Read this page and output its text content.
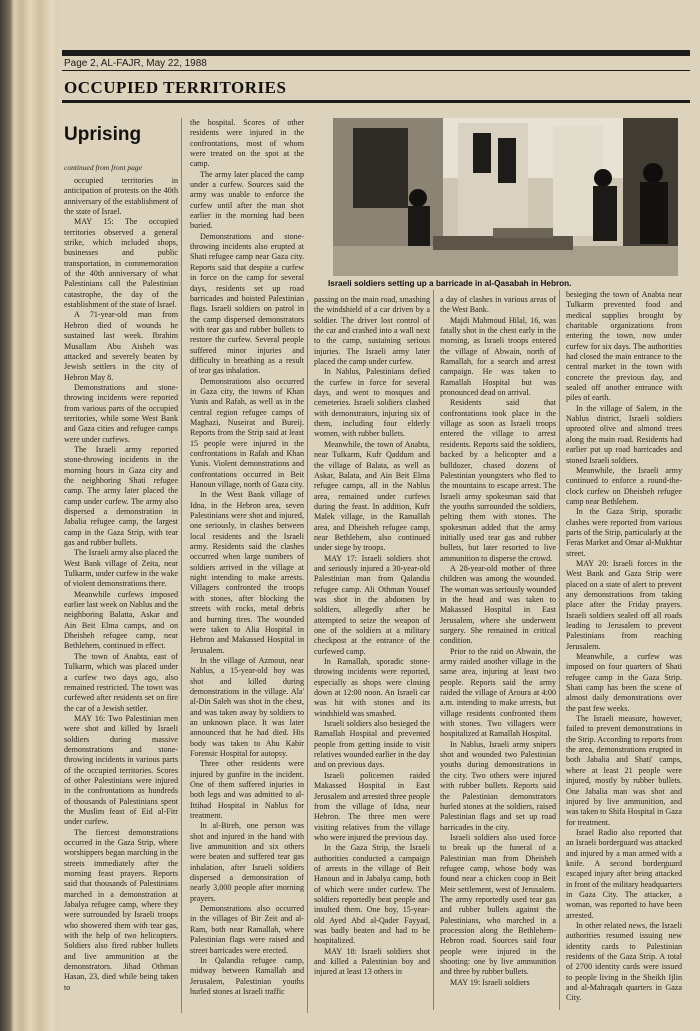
Page 2, AL-FAJR, May 22, 1988
OCCUPIED TERRITORIES
Uprising
continued from front page
Israeli soldiers setting up a barricade in al-Qasabah in Hebron.

occupied territories in anticipation of protests on the 40th anniversary of the establishment of the state of Israel.

MAY 15: The occupied territories observed a general strike, which included shops, businesses and public transportation, in commemoration of the 40th anniversary of what Palestinians call the Palestinian catastrophe, the day of the establishment of the state of Israel.

A 71-year-old man from Hebron died of wounds he sustained last week. Ibrahim Musallam Abu Aisheh was attacked and severely beaten by Jewish settlers in the city of Hebron May 8.

Demonstrations and stone-throwing incidents were reported from various parts of the occupied territories, while some West Bank and Gaza cities and refugee camps were under curfews.

The Israeli army reported stone-throwing incidents in the morning hours in Gaza city and the neighboring Shati refugee camp. The army later placed the camp under curfew. The army also dispersed a demonstration in Jabalia refugee camp, the largest camp in the Gaza Strip, with tear gas and rubber bullets.

The Israeli army also placed the West Bank village of Zeita, near Tulkarm, under curfew in the wake of violent demonstrations there.

Meanwhile curfews imposed earlier last week on Nablus and the neighboring Balatta, Askar and Ain Beit Elma camps, and on Dheisheh refugee camp, near Bethlehem, continued in effect.

The town of Anabta, east of Tulkarm, which was placed under a curfew two days ago, also remained restricted. The town was curfewed after residents set on fire the car of a Jewish settler.

MAY 16: Two Palestinian men were shot and killed by Israeli soldiers during massive demonstrations and stone-throwing incidents in various parts of the occupied territories. Scores of other Palestinians were injured in the confrontations as hundreds of thousands of Palestinians spent the Muslim feast of Eid al-Fitr under curfew.

The fiercest demonstrations occurred in the Gaza Strip, where worshippers began marching in the streets immediately after the morning feast prayers. Reports said that thousands of Palestinians marched in a demonstration at Jabalya refugee camp, where they were surrounded by Israeli troops who showered them with tear gas, with the help of two helicopters. Soldiers also fired rubber bullets and live ammunition at the demonstrators. Jihad Othman Hasan, 23, died while being taken to

the hospital. Scores of other residents were injured in the confrontations, most of whom were treated on the spot at the camp.

The army later placed the camp under a curfew. Sources said the army was unable to enforce the curfew until after the man shot earlier in the morning had been buried.

Demonstrations and stone-throwing incidents also erupted at Shati refugee camp near Gaza city. Reports said that despite a curfew in force on the camp for several days, residents set up road barricades and hoisted Palestinian flags. Israeli soldiers on patrol in the camp dispersed demonstrators with tear gas and rubber bullets to restore the curfew. Several people suffered minor injuries and difficulty in breathing as a result of tear gas inhalation.

Demonstrations also occurred in Gaza city, the towns of Khan Yunis and Rafah, as well as in the central region refugee camps of Maghazi, Nuseirat and Bureij. Reports from the Strip said at least 15 people were injured in the confrontations in Rafah and Khan Yunis. Violent demonstrations and confrontations occurred in Beit Hanoun village, north of Gaza city.

In the West Bank village of Idna, in the Hebron area, seven Palestinians were shot and injured, one seriously, in clashes between local residents and the Israeli army. Residents said the clashes occurred when large numbers of soldiers arrived in the village at night intending to make arrests. Villagers confronted the troops with stones, after blocking the streets with rocks, metal debris and burning tires. The wounded were taken to Alia Hospital in Hebron and Makassed Hospital in Jerusalem.

In the village of Azmout, near Nablus, a 15-year-old boy was shot and killed during demonstrations in the village. Ala' al-Din Saleh was shot in the chest, and was taken away by soldiers to an unknown place. It was later announced that he had died. His body was taken to Abu Kabir Forensic Hospital for autopsy.

Three other residents were injured by gunfire in the incident. One of them suffered injuries in both legs and was admitted to al-Ittihad Hospital in Nablus for treatment.

In al-Bireh, one person was shot and injured in the hand with live ammunition and six others were beaten and suffered tear gas inhalation, after Israeli soldiers dispersed a demonstration of nearly 3,000 people after morning prayers.

Demonstrations also occurred in the villages of Bir Zeit and al-Ram, both near Ramallah, where Palestinian flags were raised and street barricades were erected.

In Qalandia refugee camp, midway between Ramallah and Jerusalem, Palestinian youths hurled stones at Israeli traffic

passing on the main road, smashing the windshield of a car driven by a soldier. The driver lost control of the car and crashed into a wall next to the camp, sustaining serious injuries. The Israeli army later placed the camp under curfew.

In Nablus, Palestinians defied the curfew in force for several days, and went to mosques and cemeteries. Israeli soldiers clashed with demonstrators, injuring six of them, including four elderly women, with rubber bullets.

Meanwhile, the town of Anabta, near Tulkarm, Kufr Qaddum and the village of Balata, as well as Askar, Balata, and Ain Beit Elma refugee camps, all in the Nablus area, remained under curfews during the feast. In addition, Kufr Malek village, in the Ramallah area, and Dheisheh refugee camp, near Bethlehem, also continued under siege by troops.

MAY 17: Israeli soldiers shot and seriously injured a 30-year-old Palestinian man from Qalandia refugee camp. Ali Othman Yousef was shot in the abdomen by soldiers, allegedly after he attempted to seize the weapon of one of the soldiers at a military checkpost at the entrance of the curfewed camp.

In Ramallah, sporadic stone-throwing incidents were reported, especially as shops were closing down at 12:00 noon. An Israeli car was hit with stones and its windshield was smashed.

Israeli soldiers also besieged the Ramallah Hospital and prevented people from getting inside to visit relatives wounded earlier in the day and on previous days.

Israeli policemen raided Makassed Hospital in East Jerusalem and arrested three people from the village of Idna, near Hebron. The three men were visiting relatives from the village who were injured the previous day.

In the Gaza Strip, the Israeli authorities conducted a campaign of arrests in the village of Beit Hanoun and in Jabalya camp, both of which were under curfew. The soldiers reportedly beat people and insulted them. One boy, 15-year-old Ayed Abd al-Qader Fayyad, was badly beaten and had to be hospitalized.

MAY 18: Israeli soldiers shot and killed a Palestinian boy and injured at least 13 others in

a day of clashes in various areas of the West Bank.

Majdi Mahmoud Hilal, 16, was fatally shot in the chest early in the morning, as Israeli troops entered the village of Abwain, north of Ramallah, for a search and arrest campaign. He was taken to Ramallah Hospital but was pronounced dead on arrival.

Residents said that confrontations took place in the village as soon as Israeli troops entered the village to arrest residents. Reports said the soldiers, backed by a helicopter and a bulldozer, chased dozens of Palestinian youngsters who fled to the mountains to escape arrest. The Israeli army spokesman said that the youths surrounded the soldiers, pelting them with stones. The spokesman added that the army initially used tear gas and rubber bullets, but later resorted to live ammunition to disperse the crowd.

A 28-year-old mother of three children was among the wounded. The woman was seriously wounded in the head and was taken to Makassed Hospital in East Jerusalem, where she underwent surgery. She remained in critical condition.

Prior to the raid on Abwain, the army raided another village in the same area, injuring at least two people. Reports said the army raided the village of Aroura at 4:00 a.m. intending to make arrests, but village residents confronted them with stones. Two villagers were hospitalized at Ramallah Hospital.

In Nablus, Israeli army snipers shot and wounded two Palestinian youths during demonstrations in the city. Two others were injured with rubber bullets. Reports said the Palestinian demonstrators hurled stones at the soldiers, raised Palestinian flags and set up road barricades in the city.

Israeli soldiers also used force to break up the funeral of a Palestinian man from Dheisheh refugee camp, whose body was found near a chicken coop in Beit Meir settlement, west of Jerusalem. The army reportedly used tear gas and rubber bullets against the Palestinians, who marched in a procession along the Bethlehem-Hebron road. Sources said four people were injured in the shooting: one by live ammunition and three by rubber bullets.

MAY 19: Israeli soldiers

besieging the town of Anabta near Tulkarm prevented food and medical supplies brought by charitable organizations from entering the town, now under curfew for six days. The authorities had closed the main entrance to the central market in the town with concrete the previous day, and sealed off another entrance with piles of earth.

In the village of Salem, in the Nablus district, Israeli soldiers uprooted olive and almond trees along the main road. Residents had earlier put up road barricades and stoned Israeli soldiers.

Meanwhile, the Israeli army continued to enforce a round-the-clock curfew on Dheisheh refugee camp near Bethlehem.

In the Gaza Strip, sporadic clashes were reported from various parts of the Strip, particularly at the Feras Market and Omar al-Mukhtar street.

MAY 20: Israeli forces in the West Bank and Gaza Strip were placed on a state of alert to prevent any demonstrations from taking place after the Friday prayers. Israeli soldiers sealed off all roads leading to Jerusalem to prevent Palestinians from reaching Jerusalem.

Meanwhile, a curfew was imposed on four quarters of Shati refugee camp in the Gaza Strip. Shati camp has been the scene of almost daily demonstrations over the past few weeks.

The Israeli measure, however, failed to prevent demonstrations in the Strip. According to reports from the area, demonstrations erupted in both Jabalia and Shati' camps, where at least 21 people were injured, mostly by rubber bullets. One Jabalia man was shot and injured by live ammunition, and was taken to Shifa Hospital in Gaza for treatment.

Israel Radio also reported that an Israeli borderguard was attacked and injured by a man armed with a knife. A second borderguard escaped injury after being attacked in front of the military headquarters in Gaza City. The attacker, a woman, was reported to have been arrested.

In other related news, the Israeli authorities resumed issuing new identity cards to Palestinian residents of the Gaza Strip. A total of 2700 identity cards were issued to people living in the Sheikh Ijlin and al-Mahraqah quarters in Gaza City.
